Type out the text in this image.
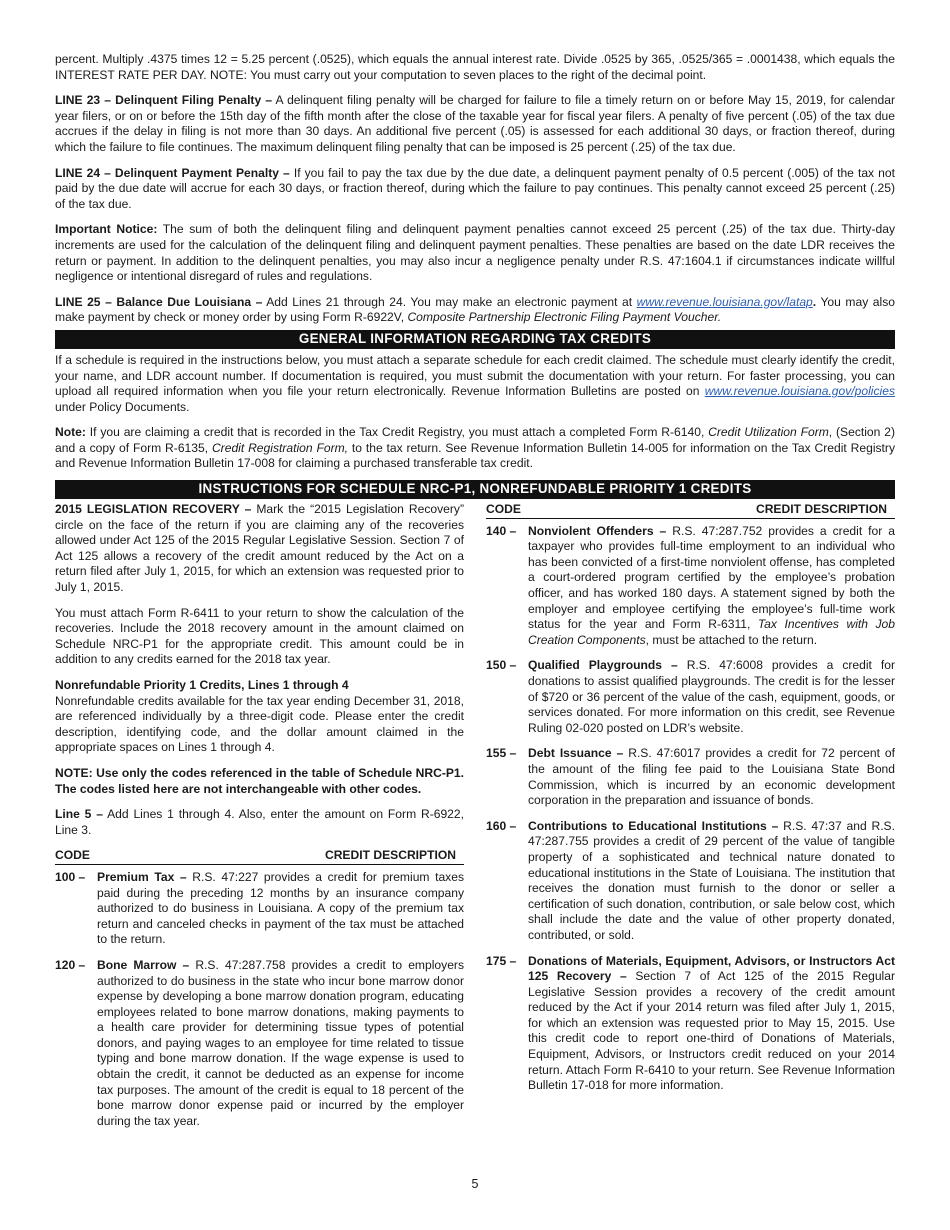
percent. Multiply .4375 times 12 = 5.25 percent (.0525), which equals the annual interest rate. Divide .0525 by 365, .0525/365 = .0001438, which equals the INTEREST RATE PER DAY. NOTE: You must carry out your computation to seven places to the right of the decimal point.

LINE 23 – Delinquent Filing Penalty – A delinquent filing penalty will be charged for failure to file a timely return on or before May 15, 2019, for calendar year filers, or on or before the 15th day of the fifth month after the close of the taxable year for fiscal year filers. A penalty of five percent (.05) of the tax due accrues if the delay in filing is not more than 30 days. An additional five percent (.05) is assessed for each additional 30 days, or fraction thereof, during which the failure to file continues. The maximum delinquent filing penalty that can be imposed is 25 percent (.25) of the tax due.

LINE 24 – Delinquent Payment Penalty – If you fail to pay the tax due by the due date, a delinquent payment penalty of 0.5 percent (.005) of the tax not paid by the due date will accrue for each 30 days, or fraction thereof, during which the failure to pay continues. This penalty cannot exceed 25 percent (.25) of the tax due.

Important Notice: The sum of both the delinquent filing and delinquent payment penalties cannot exceed 25 percent (.25) of the tax due. Thirty-day increments are used for the calculation of the delinquent filing and delinquent payment penalties. These penalties are based on the date LDR receives the return or payment. In addition to the delinquent penalties, you may also incur a negligence penalty under R.S. 47:1604.1 if circumstances indicate willful negligence or intentional disregard of rules and regulations.

LINE 25 – Balance Due Louisiana – Add Lines 21 through 24. You may make an electronic payment at www.revenue.louisiana.gov/latap. You may also make payment by check or money order by using Form R-6922V, Composite Partnership Electronic Filing Payment Voucher.

GENERAL INFORMATION REGARDING TAX CREDITS

If a schedule is required in the instructions below, you must attach a separate schedule for each credit claimed. The schedule must clearly identify the credit, your name, and LDR account number. If documentation is required, you must submit the documentation with your return. For faster processing, you can upload all required information when you file your return electronically. Revenue Information Bulletins are posted on www.revenue.louisiana.gov/policies under Policy Documents.

Note: If you are claiming a credit that is recorded in the Tax Credit Registry, you must attach a completed Form R-6140, Credit Utilization Form, (Section 2) and a copy of Form R-6135, Credit Registration Form, to the tax return. See Revenue Information Bulletin 14-005 for information on the Tax Credit Registry and Revenue Information Bulletin 17-008 for claiming a purchased transferable tax credit.

INSTRUCTIONS FOR SCHEDULE NRC-P1, NONREFUNDABLE PRIORITY 1 CREDITS

2015 LEGISLATION RECOVERY – Mark the “2015 Legislation Recovery” circle on the face of the return if you are claiming any of the recoveries allowed under Act 125 of the 2015 Regular Legislative Session. Section 7 of Act 125 allows a recovery of the credit amount reduced by the Act on a return filed after July 1, 2015, for which an extension was requested prior to July 1, 2015.

You must attach Form R-6411 to your return to show the calculation of the recoveries. Include the 2018 recovery amount in the amount claimed on Schedule NRC-P1 for the appropriate credit. This amount could be in addition to any credits earned for the 2018 tax year.

Nonrefundable Priority 1 Credits, Lines 1 through 4
Nonrefundable credits available for the tax year ending December 31, 2018, are referenced individually by a three-digit code. Please enter the credit description, identifying code, and the dollar amount claimed in the appropriate spaces on Lines 1 through 4.

NOTE: Use only the codes referenced in the table of Schedule NRC-P1. The codes listed here are not interchangeable with other codes.

Line 5 – Add Lines 1 through 4. Also, enter the amount on Form R-6922, Line 3.

CODE	CREDIT DESCRIPTION
100 – Premium Tax – R.S. 47:227 provides a credit for premium taxes paid during the preceding 12 months by an insurance company authorized to do business in Louisiana. A copy of the premium tax return and canceled checks in payment of the tax must be attached to the return.
120 – Bone Marrow – R.S. 47:287.758 provides a credit to employers authorized to do business in the state who incur bone marrow donor expense by developing a bone marrow donation program, educating employees related to bone marrow donations, making payments to a health care provider for determining tissue types of potential donors, and paying wages to an employee for time related to tissue typing and bone marrow donation. If the wage expense is used to obtain the credit, it cannot be deducted as an expense for income tax purposes. The amount of the credit is equal to 18 percent of the bone marrow donor expense paid or incurred by the employer during the tax year.
CODE	CREDIT DESCRIPTION
140 – Nonviolent Offenders – R.S. 47:287.752 provides a credit for a taxpayer who provides full-time employment to an individual who has been convicted of a first-time nonviolent offense, has completed a court-ordered program certified by the employee’s probation officer, and has worked 180 days. A statement signed by both the employer and employee certifying the employee’s full-time work status for the year and Form R-6311, Tax Incentives with Job Creation Components, must be attached to the return.
150 – Qualified Playgrounds – R.S. 47:6008 provides a credit for donations to assist qualified playgrounds. The credit is for the lesser of $720 or 36 percent of the value of the cash, equipment, goods, or services donated. For more information on this credit, see Revenue Ruling 02-020 posted on LDR’s website.
155 – Debt Issuance – R.S. 47:6017 provides a credit for 72 percent of the amount of the filing fee paid to the Louisiana State Bond Commission, which is incurred by an economic development corporation in the preparation and issuance of bonds.
160 – Contributions to Educational Institutions – R.S. 47:37 and R.S. 47:287.755 provides a credit of 29 percent of the value of tangible property of a sophisticated and technical nature donated to educational institutions in the State of Louisiana. The institution that receives the donation must furnish to the donor or seller a certification of such donation, contribution, or sale below cost, which shall include the date and the value of other property donated, contributed, or sold.
175 – Donations of Materials, Equipment, Advisors, or Instructors Act 125 Recovery – Section 7 of Act 125 of the 2015 Regular Legislative Session provides a recovery of the credit amount reduced by the Act if your 2014 return was filed after July 1, 2015, for which an extension was requested prior to May 15, 2015. Use this credit code to report one-third of Donations of Materials, Equipment, Advisors, or Instructors credit reduced on your 2014 return. Attach Form R-6410 to your return. See Revenue Information Bulletin 17-018 for more information.
5
